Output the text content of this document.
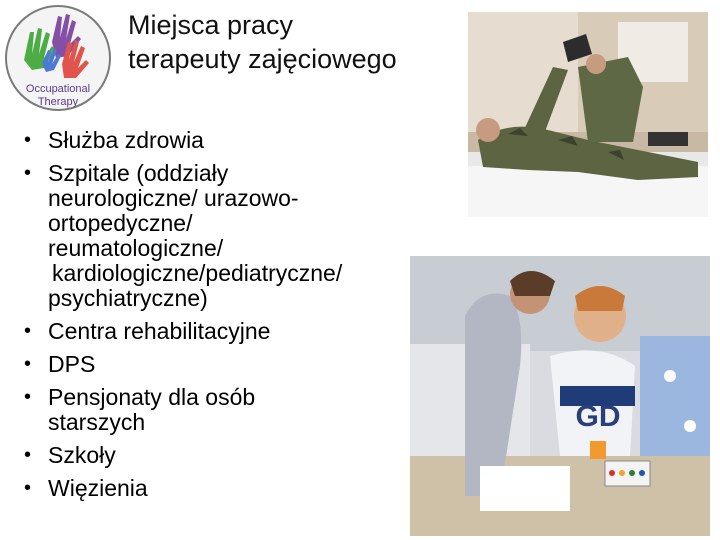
Occupational
Therapy
Miejsca pracy
terapeuty zajęciowego
GD
• Służba zdrowia
• Szpitale (oddziały
neurologiczne/ urazowo-
ortopedyczne/
reumatologiczne/
kardiologiczne/pediatryczne/
psychiatryczne)
• Centra rehabilitacyjne
• DPS
• Pensjonaty dla osób
starszych
• Szkoły
• Więzienia
